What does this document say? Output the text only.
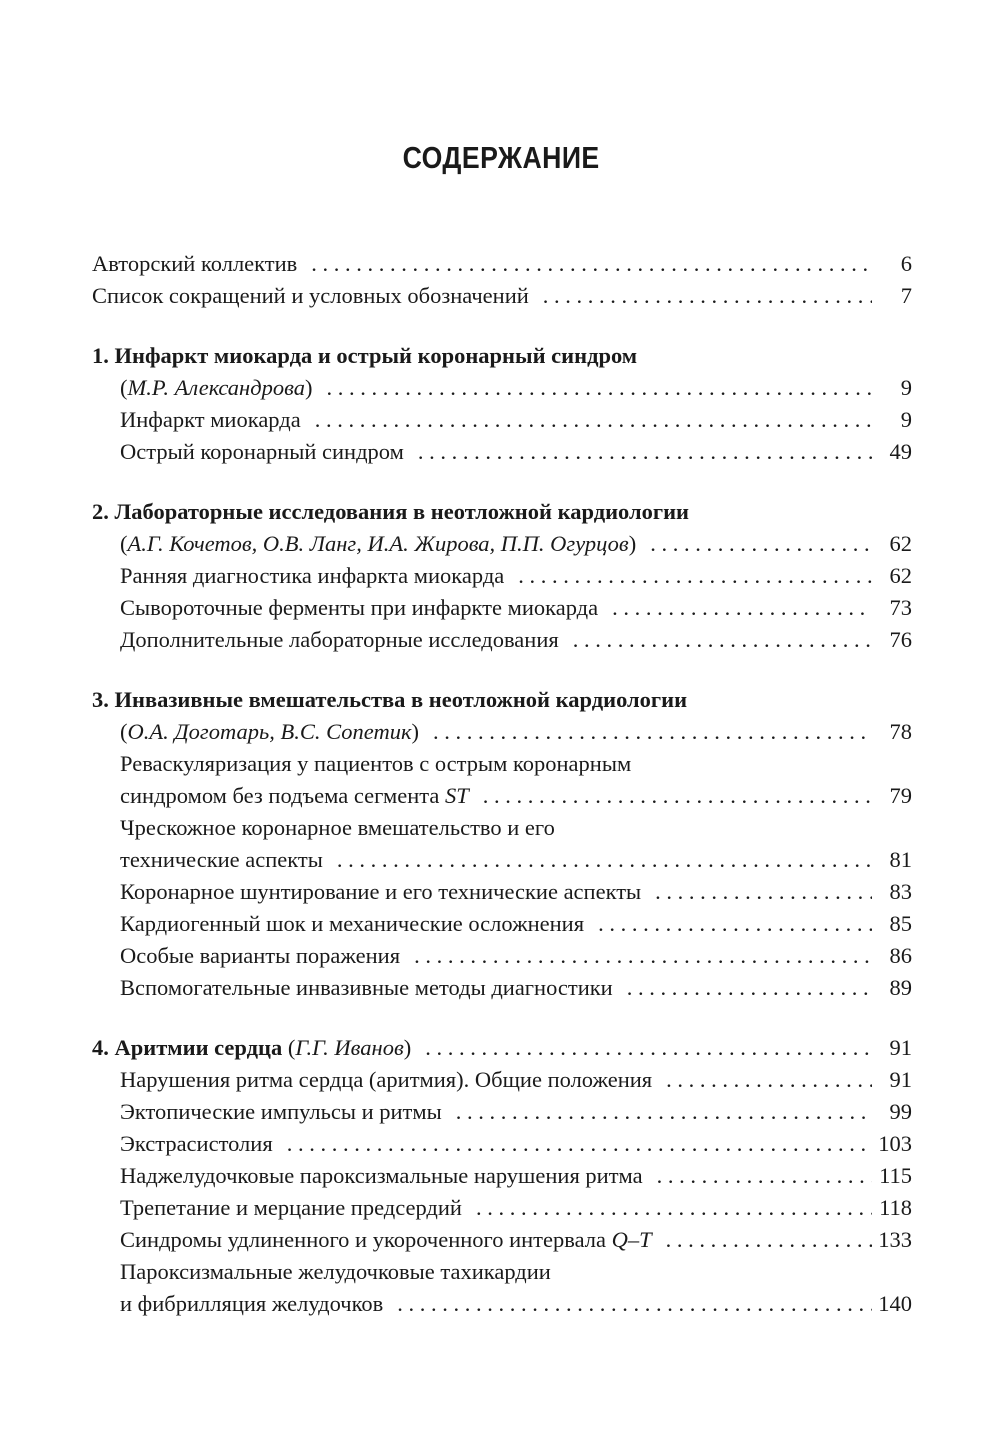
СОДЕРЖАНИЕ
Авторский коллектив . . .	6
Список сокращений и условных обозначений . . .	7
1. Инфаркт миокарда и острый коронарный синдром
(М.Р. Александрова) . . .	9
Инфаркт миокарда . . .	9
Острый коронарный синдром . . .	49
2. Лабораторные исследования в неотложной кардиологии
(А.Г. Кочетов, О.В. Ланг, И.А. Жирова, П.П. Огурцов) . . .	62
Ранняя диагностика инфаркта миокарда . . .	62
Сывороточные ферменты при инфаркте миокарда . . .	73
Дополнительные лабораторные исследования . . .	76
3. Инвазивные вмешательства в неотложной кардиологии
(О.А. Доготарь, В.С. Сопетик) . . .	78
Реваскуляризация у пациентов с острым коронарным
синдромом без подъема сегмента ST . . .	79
Чрескожное коронарное вмешательство и его
технические аспекты . . .	81
Коронарное шунтирование и его технические аспекты . . .	83
Кардиогенный шок и механические осложнения . . .	85
Особые варианты поражения . . .	86
Вспомогательные инвазивные методы диагностики . . .	89
4. Аритмии сердца (Г.Г. Иванов) . . .	91
Нарушения ритма сердца (аритмия). Общие положения . . .	91
Эктопические импульсы и ритмы . . .	99
Экстрасистолия . . .	103
Наджелудочковые пароксизмальные нарушения ритма . . .	115
Трепетание и мерцание предсердий . . .	118
Синдромы удлиненного и укороченного интервала Q–T . . .	133
Пароксизмальные желудочковые тахикардии
и фибрилляция желудочков . . .	140
